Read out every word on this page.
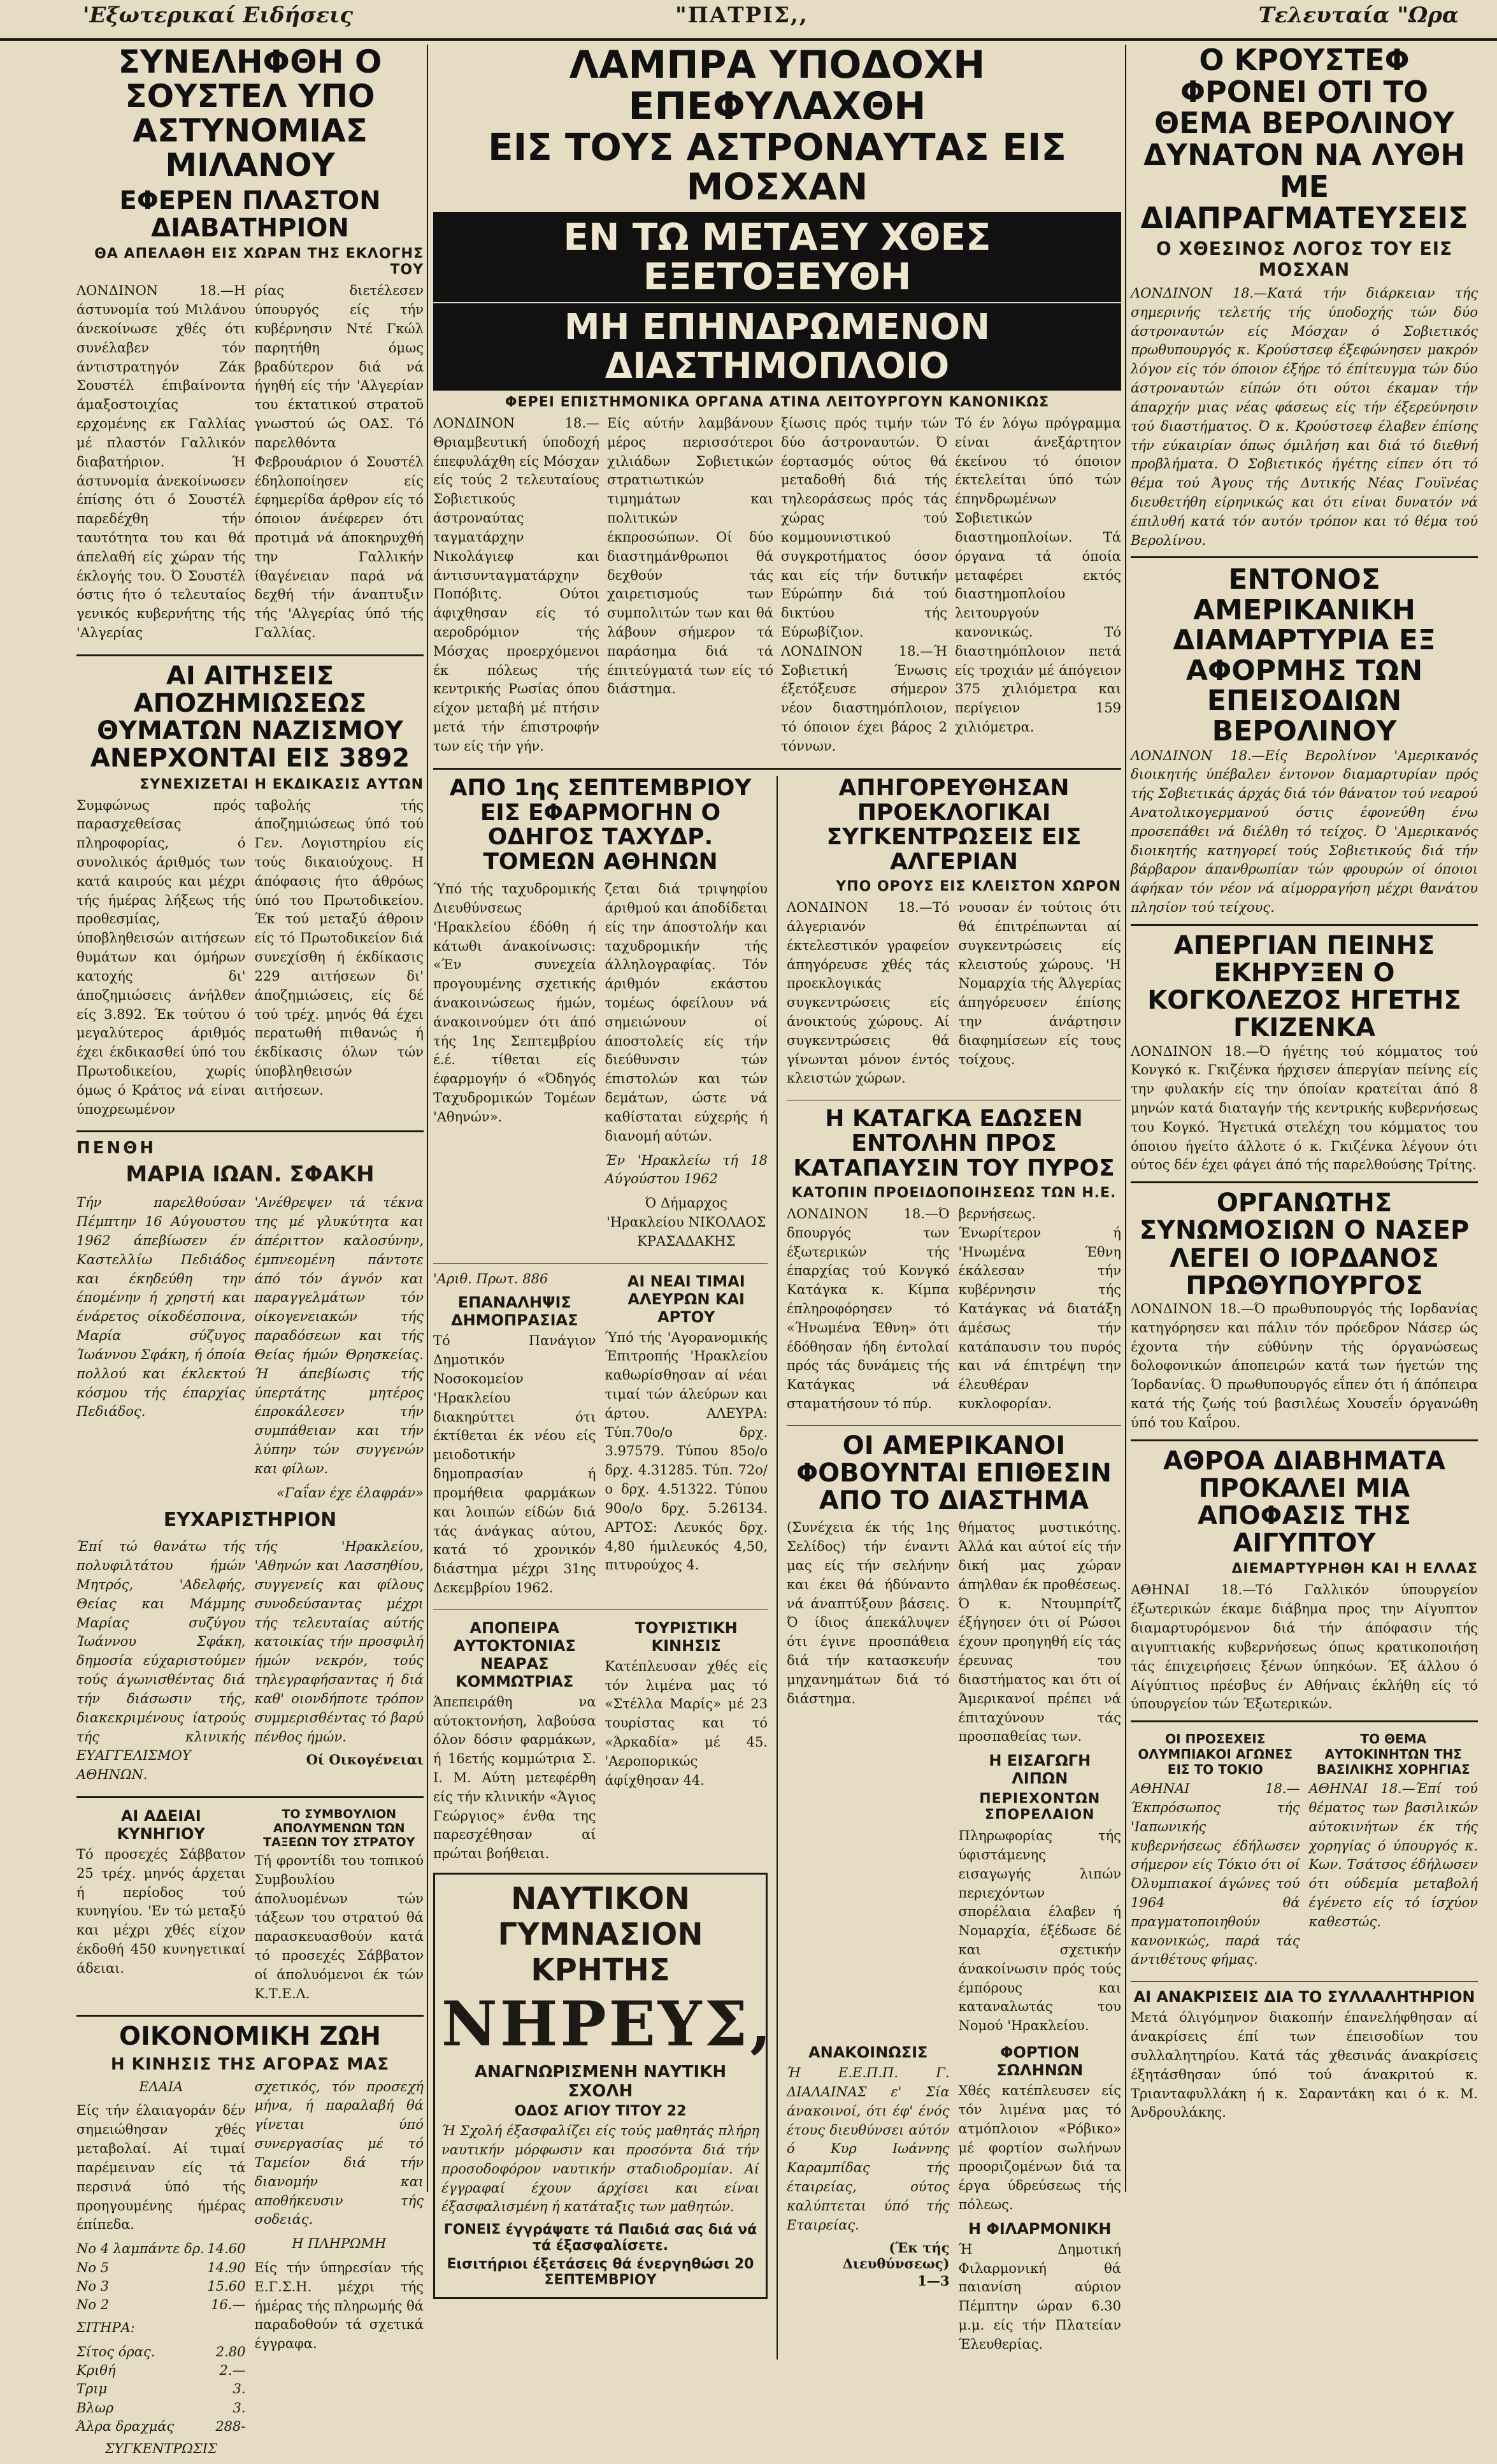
'Εξωτερικαί Ειδήσεις	"ΠΑΤΡΙΣ,,	Τελευταία "Ωρα
ΣΥΝΕΛΗΦΘΗ Ο ΣΟΥΣΤΕΛ ΥΠΟ ΑΣΤΥΝΟΜΙΑΣ ΜΙΛΑΝΟΥ
ΕΦΕΡΕΝ ΠΛΑΣΤΟΝ ΔΙΑΒΑΤΗΡΙΟΝ

ΘΑ ΑΠΕΛΑΘΗ ΕΙΣ ΧΩΡΑΝ ΤΗΣ ΕΚΛΟΓΗΣ ΤΟΥ

ΛΟΝΔΙΝΟΝ 18.—Η άστυνομία τού Μιλάνου άνεκοίνωσε χθές ότι συνέλαβεν τόν άντιστρατηγόν Ζάκ Σουστέλ έπιβαίνοντα άμαξοστοιχίας ερχομένης εκ Γαλλίας μέ πλαστόν Γαλλικόν διαβατήριον. Ή άστυνομία άνεκοίνωσεν έπίσης ότι ό Σουστέλ παρεδέχθη τήν ταυτότητα του και θά άπελαθή είς χώραν τής έκλογής του. Ό Σουστέλ όστις ήτο ό τελευταίος γενικός κυβερνήτης τής 'Αλγερίας

ρίας διετέλεσεν ύπουργός είς τήν κυβέρνησιν Ντέ Γκώλ παρητήθη όμως βραδύτερον διά νά ήγηθή είς τήν 'Αλγερίαν του έκτατικού στρατοῦ γνωστού ώς ΟΑΣ. Τό παρελθόντα Φεβρουάριον ό Σουστέλ έδηλοποίησεν είς έφημερίδα άρθρον είς τό όποιον άνέφερεν ότι προτιμά νά άποκηρυχθή την Γαλλικήν ίθαγένειαν παρά νά δεχθή τήν άναπτυξιν τής 'Αλγερίας ύπό τής Γαλλίας.

ΑΙ ΑΙΤΗΣΕΙΣ ΑΠΟΖΗΜΙΩΣΕΩΣ ΘΥΜΑΤΩΝ ΝΑΖΙΣΜΟΥ ΑΝΕΡΧΟΝΤΑΙ ΕΙΣ 3892

ΣΥΝΕΧΙΖΕΤΑΙ Η ΕΚΔΙΚΑΣΙΣ ΑΥΤΩΝ

Συμφώνως πρός παρασχεθείσας πληροφορίας, ό συνολικός άριθμός των κατά καιρούς και μέχρι τής ήμέρας λήξεως τής προθεσμίας, ύποβληθεισών αιτήσεων θυμάτων και όμήρων κατοχής δι' άποζημιώσεις άνήλθεν είς 3.892. Έκ τούτου ό μεγαλύτερος άριθμός έχει έκδικασθεί ύπό του Πρωτοδικείου, χωρίς όμως ό Κράτος νά είναι ύποχρεωμένον

ταβολής τής άποζημιώσεως ύπό τού Γεν. Λογιστηρίου είς τούς δικαιούχους. Η άπόφασις ήτο άθρόως ύπό του Πρωτοδικείου. Έκ τού μεταξύ άθροιν είς τό Πρωτοδικείον διά συνεχίσθη ή έκδίκασις 229 αιτήσεων δι' άποζημιώσεις, είς δέ τού τρέχ. μηνός θά έχει περατωθή πιθανώς ή έκδίκασις όλων τών ύποβληθεισών αιτήσεων.

ΠΕΝΘΗ

ΜΑΡΙΑ ΙΩΑΝ. ΣΦΑΚΗ

Τήν παρελθούσαν Πέμπτην 16 Αύγουστου 1962 άπεβίωσεν έν Καστελλίω Πεδιάδος και έκηδεύθη την έπομένην ή χρηστή και ένάρετος οίκοδέσποινα, Μαρία σύζυγος Ίωάννου Σφάκη, ή όποία πολλού και έκλεκτού κόσμου τής έπαρχίας Πεδιάδος.

'Ανέθρεψεν τά τέκνα της μέ γλυκύτητα και άπέριττον καλοσύνην, έμπνεομένη πάντοτε άπό τόν άγνόν και παραγγελμάτων τόν οίκογενειακών τής παραδόσεων και τής Θείας ήμών Θρησκείας. Ή άπεβίωσις τής ύπερτάτης μητέρος έπροκάλεσεν τήν συμπάθειαν και τήν λύπην τών συγγενών και φίλων.

«Γαΐαν έχε έλαφράν»

ΕΥΧΑΡΙΣΤΗΡΙΟΝ

Έπί τώ θανάτω τής πολυφιλτάτου ήμών Μητρός, 'Αδελφής, Θείας και Μάμμης Μαρίας συζύγου Ίωάννου Σφάκη, δημοσία εύχαριστούμεν τούς άγωνισθέντας διά τήν διάσωσιν τής, διακεκριμένους ίατρούς τής κλινικής ΕΥΑΓΓΕΛΙΣΜΟΥ ΑΘΗΝΩΝ.

τής 'Ηρακλείου, 'Αθηνών και Λασσηθίου, συγγενείς και φίλους συνοδεύσαντας μέχρι τής τελευταίας αύτής κατοικίας τήν προσφιλή ήμών νεκρόν, τούς τηλεγραφήσαντας ή διά καθ' οιονδήποτε τρόπον συμμερισθέντας τό βαρύ πένθος ήμών.

Οί Οικογένειαι

ΑΙ ΑΔΕΙΑΙ ΚΥΝΗΓΙΟΥ

Τό προσεχές Σάββατον 25 τρέχ. μηνός άρχεται ή περίοδος τού κυνηγίου. 'Εν τώ μεταξύ και μέχρι χθές είχον έκδοθή 450 κυνηγετικαί άδειαι.

ΤΟ ΣΥΜΒΟΥΛΙΟΝ ΑΠΟΛΥΜΕΝΩΝ ΤΩΝ ΤΑΞΕΩΝ ΤΟΥ ΣΤΡΑΤΟΥ

Τή φροντίδι του τοπικού Συμβουλίου άπολυομένων τών τάξεων του στρατού θά παρασκευασθούν κατά τό προσεχές Σάββατον οί άπολυόμενοι έκ τών Κ.Τ.Ε.Λ.

ΟΙΚΟΝΟΜΙΚΗ ΖΩΗ

Η ΚΙΝΗΣΙΣ ΤΗΣ ΑΓΟΡΑΣ ΜΑΣ

ΕΛΑΙΑ

Είς τήν έλαιαγοράν δέν σημειώθησαν χθές μεταβολαί. Αί τιμαί παρέμειναν είς τά περσινά ύπό τής προηγουμένης ήμέρας έπίπεδα.

Νο 4 λαμπάντε δρ. 14.60
Νο 5	14.90
Νο 3	15.60
Νο 2	16.—

ΣΙΤΗΡΑ:

Σίτος όρας.	2.80
Κριθή	2.—
Τριμ	3.
Βλωρ	3.
Άλρα δραχμάς	288-

ΣΥΓΚΕΝΤΡΩΣΙΣ

σχετικός, τόν προσεχή μήνα, ή παραλαβή θά γίνεται ύπό συνεργασίας μέ τό Ταμείον διά τήν διανομήν και αποθήκευσιν τής σοδειάς.

Η ΠΛΗΡΩΜΗ

Είς τήν ύπηρεσίαν τής Ε.Γ.Σ.Η. μέχρι τής ήμέρας τής πληρωμής θά παραδοθούν τά σχετικά έγγραφα.

ΛΑΜΠΡΑ ΥΠΟΔΟΧΗ ΕΠΕΦΥΛΑΧΘΗ
ΕΙΣ ΤΟΥΣ ΑΣΤΡΟΝΑΥΤΑΣ ΕΙΣ ΜΟΣΧΑΝ
ΕΝ ΤΩ ΜΕΤΑΞΥ ΧΘΕΣ ΕΞΕΤΟΞΕΥΘΗ
ΜΗ ΕΠΗΝΔΡΩΜΕΝΟΝ ΔΙΑΣΤΗΜΟΠΛΟΙΟ

ΦΕΡΕΙ ΕΠΙΣΤΗΜΟΝΙΚΑ ΟΡΓΑΝΑ ΑΤΙΝΑ ΛΕΙΤΟΥΡΓΟΥΝ ΚΑΝΟΝΙΚΩΣ

ΛΟΝΔΙΝΟΝ 18.—Θριαμβευτική ύποδοχή έπεφυλάχθη είς Μόσχαν είς τούς 2 τελευταίους Σοβιετικούς άστροναύτας ταγματάρχην Νικολάγιεφ και άντισυνταγματάρχην Ποπόβιτς. Ούτοι άφιχθησαν είς τό αεροδρόμιον τής Μόσχας προερχόμενοι έκ πόλεως τής κεντρικής Ρωσίας όπου είχον μεταβή μέ πτήσιν μετά τήν έπιστροφήν των είς τήν γήν.

Είς αύτήν λαμβάνουν μέρος περισσότεροι χιλιάδων Σοβιετικών στρατιωτικών τιμημάτων και πολιτικών έκπροσώπων. Οί δύο διαστημάνθρωποι θά δεχθούν τάς χαιρετισμούς των συμπολιτών των και θά λάβουν σήμερον τά παράσημα διά τά έπιτεύγματά των είς τό διάστημα.

ξίωσις πρός τιμήν τών δύο άστροναυτών. Ό έορτασμός ούτος θά μεταδοθή διά τής τηλεοράσεως πρός τάς χώρας τού κομμουνιστικού συγκροτήματος όσον και είς τήν δυτικήν Εύρώπην διά τού δικτύου τής Εύρωβίζιον. ΛΟΝΔΙΝΟΝ 18.—Ή Σοβιετική Ένωσις έξετόξευσε σήμερον νέον διαστημόπλοιον, τό όποιον έχει βάρος 2 τόννων.

Τό έν λόγω πρόγραμμα είναι άνεξάρτητον έκείνου τό όποιον έκτελείται ύπό τών έπηνδρωμένων Σοβιετικών διαστημοπλοίων. Τά όργανα τά όποία μεταφέρει εκτός διαστημοπλοίου λειτουργούν κανονικώς. Τό διαστημόπλοιον πετά είς τροχιάν μέ άπόγειον 375 χιλιόμετρα και περίγειον 159 χιλιόμετρα.

ΑΠΟ 1ης ΣΕΠΤΕΜΒΡΙΟΥ ΕΙΣ ΕΦΑΡΜΟΓΗΝ Ο ΟΔΗΓΟΣ ΤΑΧΥΔΡ. ΤΟΜΕΩΝ ΑΘΗΝΩΝ

Ύπό τής ταχυδρομικής Διευθύνσεως 'Ηρακλείου έδόθη ή κάτωθι άνακοίνωσις: «Έν συνεχεία προγουμένης σχετικής άνακοινώσεως ήμών, άνακοινούμεν ότι άπό τής 1ης Σεπτεμβρίου έ.έ. τίθεται είς έφαρμογήν ό «Όδηγός Ταχυδρομικών Τομέων 'Αθηνών».

ζεται διά τριψηφίου άριθμού και άποδίδεται είς την άποστολήν και ταχυδρομικήν τής άλληλογραφίας. Τόν άριθμόν εκάστου τομέως όφείλουν νά σημειώνουν οί άποστολείς είς τήν διεύθυνσιν τών έπιστολών και τών δεμάτων, ώστε νά καθίσταται εύχερής ή διανομή αύτών.

Έν 'Ηρακλείω τή 18 Αύγούστου 1962

Ό Δήμαρχος 'Ηρακλείου ΝΙΚΟΛΑΟΣ ΚΡΑΣΑΔΑΚΗΣ

'Αριθ. Πρωτ. 886

ΕΠΑΝΑΛΗΨΙΣ ΔΗΜΟΠΡΑΣΙΑΣ

Τό Πανάγιον Δημοτικόν Νοσοκομείον 'Ηρακλείου διακηρύττει ότι έκτίθεται έκ νέου είς μειοδοτικήν δημοπρασίαν ή προμήθεια φαρμάκων και λοιπών είδών διά τάς άνάγκας αύτου, κατά τό χρονικόν διάστημα μέχρι 31ης Δεκεμβρίου 1962.

ΑΙ ΝΕΑΙ ΤΙΜΑΙ ΑΛΕΥΡΩΝ ΚΑΙ ΑΡΤΟΥ

Ύπό τής 'Αγορανομικής Έπιτροπής 'Ηρακλείου καθωρίσθησαν αί νέαι τιμαί τών άλεύρων και άρτου. ΑΛΕΥΡΑ: Τύπ.70ο/ο δρχ. 3.97579. Τύπου 85ο/ο δρχ. 4.31285. Τύπ. 72ο/ο δρχ. 4.51322. Τύπου 90ο/ο δρχ. 5.26134. ΑΡΤΟΣ: Λευκός δρχ. 4,80 ήμιλευκός 4,50, πιτυρούχος 4.

ΑΠΟΠΕΙΡΑ ΑΥΤΟΚΤΟΝΙΑΣ ΝΕΑΡΑΣ ΚΟΜΜΩΤΡΙΑΣ

Άπεπειράθη να αύτοκτονήση, λαβούσα όλον δόσιν φαρμάκων, ή 16ετής κομμώτρια Σ. Ι. Μ. Αύτη μετεφέρθη είς τήν κλινικήν «Άγιος Γεώργιος» ένθα της παρεσχέθησαν αί πρώται βοήθειαι.

ΤΟΥΡΙΣΤΙΚΗ ΚΙΝΗΣΙΣ

Κατέπλευσαν χθές είς τόν λιμένα μας τό «Στέλλα Μαρίς» μέ 23 τουρίστας και τό «Άρκαδία» μέ 45. 'Αεροπορικώς άφίχθησαν 44.

ΝΑΥΤΙΚΟΝ ΓΥΜΝΑΣΙΟΝ ΚΡΗΤΗΣ

ΝΗΡΕΥΣ,

ΑΝΑΓΝΩΡΙΣΜΕΝΗ ΝΑΥΤΙΚΗ ΣΧΟΛΗ

ΟΔΟΣ ΑΓΙΟΥ ΤΙΤΟΥ 22

Ή Σχολή έξασφαλίζει είς τούς μαθητάς πλήρη ναυτικήν μόρφωσιν και προσόντα διά τήν προσοδοφόρον ναυτικήν σταδιοδρομίαν. Αί έγγραφαί έχουν άρχίσει και είναι έξασφαλισμένη ή κατάταξις των μαθητών.

ΓΟΝΕΙΣ έγγράψατε τά Παιδιά σας διά νά τά έξασφαλίσετε.

Εισιτήριοι έξετάσεις θά ένεργηθώσι 20 ΣΕΠΤΕΜΒΡΙΟΥ

ΑΠΗΓΟΡΕΥΘΗΣΑΝ ΠΡΟΕΚΛΟΓΙΚΑΙ ΣΥΓΚΕΝΤΡΩΣΕΙΣ ΕΙΣ ΑΛΓΕΡΙΑΝ

ΥΠΟ ΟΡΟΥΣ ΕΙΣ ΚΛΕΙΣΤΟΝ ΧΩΡΟΝ

ΛΟΝΔΙΝΟΝ 18.—Τό άλγεριανόν έκτελεστικόν γραφείον άπηγόρευσε χθές τάς προεκλογικάς συγκεντρώσεις είς άνοικτούς χώρους. Αί συγκεντρώσεις θά γίνωνται μόνον έντός κλειστών χώρων.

νουσαν έν τούτοις ότι θά έπιτρέπωνται αί συγκεντρώσεις είς κλειστούς χώρους. 'Η Νομαρχία τής Άλγερίας άπηγόρευσεν έπίσης την άνάρτησιν διαφημίσεων είς τους τοίχους.

Η ΚΑΤΑΓΚΑ ΕΔΩΣΕΝ ΕΝΤΟΛΗΝ ΠΡΟΣ ΚΑΤΑΠΑΥΣΙΝ ΤΟΥ ΠΥΡΟΣ

ΚΑΤΟΠΙΝ ΠΡΟΕΙΔΟΠΟΙΗΣΕΩΣ ΤΩΝ Η.Ε.

ΛΟΝΔΙΝΟΝ 18.—Ό δπουργός των έξωτερικών τής έπαρχίας τού Κονγκό Κατάγκα κ. Κίμπα έπληροφόρησεν τό «Ήνωμένα Έθνη» ότι έδόθησαν ήδη έντολαί πρός τάς δυνάμεις τής Κατάγκας νά σταματήσουν τό πύρ.

βερνήσεως. Ένωρίτερον ή 'Ηνωμένα Έθνη έκάλεσαν τήν κυβέρνησιν τής Κατάγκας νά διατάξη άμέσως τήν κατάπαυσιν του πυρός και νά έπιτρέψη την έλευθέραν κυκλοφορίαν.

ΟΙ ΑΜΕΡΙΚΑΝΟΙ ΦΟΒΟΥΝΤΑΙ ΕΠΙΘΕΣΙΝ ΑΠΟ ΤΟ ΔΙΑΣΤΗΜΑ

(Συνέχεια έκ τής 1ης Σελίδος) τήν έναντι μας είς τήν σελήνην και έκει θά ήδύναντο νά άναπτύξουν βάσεις. Ό ίδιος άπεκάλυψεν ότι έγινε προσπάθεια διά τήν κατασκευήν μηχανημάτων διά τό διάστημα.

θήματος μυστικότης. Άλλά και αύτοί είς τήν δική μας χώραν άπηλθαν έκ προθέσεως. Ό κ. Ντουμπρίτζ έξήγησεν ότι οί Ρώσοι έχουν προηγηθή είς τάς έρευνας του διαστήματος και ότι οί Άμερικανοί πρέπει νά έπιταχύνουν τάς προσπαθείας των.

Η ΕΙΣΑΓΩΓΗ ΛΙΠΩΝ

ΠΕΡΙΕΧΟΝΤΩΝ ΣΠΟΡΕΛΑΙΟΝ

Πληρωφορίας τής ύφιστάμενης εισαγωγής λιπών περιεχόντων σπορέλαια έλαβεν ή Νομαρχία, έξέδωσε δέ και σχετικήν άνακοίνωσιν πρός τούς έμπόρους και καταναλωτάς του Νομού 'Ηρακλείου.

ΑΝΑΚΟΙΝΩΣΙΣ

Ή Ε.Ε.Π.Π. Γ. ΔΙΑΛΑΙΝΑΣ ε' Σία άνακοινοί, ότι έφ' ένός έτους διευθύνσει αύτόν ό Κυρ Ιωάννης Καραμπίδας τής έταιρείας, ούτος καλύπτεται ύπό τής Εταιρείας.

(Έκ τής Διευθύνσεως)

1—3

ΦΟΡΤΙΟΝ ΣΩΛΗΝΩΝ

Χθές κατέπλευσεν είς τόν λιμένα μας τό ατμόπλοιον «Ρόβικο» μέ φορτίον σωλήνων προοριζομένων διά τα έργα ύδρεύσεως τής πόλεως.

Η ΦΙΛΑΡΜΟΝΙΚΗ

Ή Δημοτική Φιλαρμονική θά παιανίση αύριον Πέμπτην ώραν 6.30 μ.μ. είς τήν Πλατείαν Έλευθερίας.

Ο ΚΡΟΥΣΤΕΦ ΦΡΟΝΕΙ ΟΤΙ ΤΟ ΘΕΜΑ ΒΕΡΟΛΙΝΟΥ ΔΥΝΑΤΟΝ ΝΑ ΛΥΘΗ ΜΕ ΔΙΑΠΡΑΓΜΑΤΕΥΣΕΙΣ

Ο ΧΘΕΣΙΝΟΣ ΛΟΓΟΣ ΤΟΥ ΕΙΣ ΜΟΣΧΑΝ

ΛΟΝΔΙΝΟΝ 18.—Κατά τήν διάρκειαν τής σημερινής τελετής τής ύποδοχής τών δύο άστροναυτών είς Μόσχαν ό Σοβιετικός πρωθυπουργός κ. Κρούστσεφ έξεφώνησεν μακρόν λόγον είς τόν όποιον έξήρε τό έπίτευγμα τών δύο άστροναυτών είπών ότι ούτοι έκαμαν τήν άπαρχήν μιας νέας φάσεως είς τήν έξερεύνησιν τού διαστήματος. Ό κ. Κρούστσεφ έλαβεν έπίσης τήν εύκαιρίαν όπως όμιλήση και διά τό διεθνή προβλήματα. Ό Σοβιετικός ήγέτης είπεν ότι τό θέμα τού Άγους τής Δυτικής Νέας Γουϊνέας διευθετήθη είρηνικώς και ότι είναι δυνατόν νά έπιλυθή κατά τόν αυτόν τρόπον και τό θέμα τού Βερολίνου.

ΕΝΤΟΝΟΣ ΑΜΕΡΙΚΑΝΙΚΗ ΔΙΑΜΑΡΤΥΡΙΑ ΕΞ ΑΦΟΡΜΗΣ ΤΩΝ ΕΠΕΙΣΟΔΙΩΝ ΒΕΡΟΛΙΝΟΥ

ΛΟΝΔΙΝΟΝ 18.—Είς Βερολίνον 'Αμερικανός διοικητής ύπέβαλεν έντονον διαμαρτυρίαν πρός τής Σοβιετικάς άρχάς διά τόν θάνατον τού νεαρού Ανατολικογερμανού όστις έφονεύθη ένω προσεπάθει νά διέλθη τό τείχος. Ό 'Αμερικανός διοικητής κατηγορεί τούς Σοβιετικούς διά τήν βάρβαρον άπανθρωπίαν τών φρουρών οί όποιοι άφήκαν τόν νέον νά αίμορραγήση μέχρι θανάτου πλησίον τού τείχους.

ΑΠΕΡΓΙΑΝ ΠΕΙΝΗΣ ΕΚΗΡΥΞΕΝ Ο ΚΟΓΚΟΛΕΖΟΣ ΗΓΕΤΗΣ ΓΚΙΖΕΝΚΑ

ΛΟΝΔΙΝΟΝ 18.—Ό ήγέτης τού κόμματος τού Κονγκό κ. Γκιζένκα ήρχισεν άπεργίαν πείνης είς την φυλακήν είς την όποίαν κρατείται άπό 8 μηνών κατά διαταγήν τής κεντρικής κυβερνήσεως του Κογκό. Ήγετικά στελέχη του κόμματος του όποιου ήγείτο άλλοτε ό κ. Γκιζένκα λέγουν ότι ούτος δέν έχει φάγει άπό τής παρελθούσης Τρίτης.

ΟΡΓΑΝΩΤΗΣ ΣΥΝΩΜΟΣΙΩΝ Ο ΝΑΣΕΡ ΛΕΓΕΙ Ο ΙΟΡΔΑΝΟΣ ΠΡΩΘΥΠΟΥΡΓΟΣ

ΛΟΝΔΙΝΟΝ 18.—Ό πρωθυπουργός τής Ιορδανίας κατηγόρησεν και πάλιν τόν πρόεδρον Νάσερ ώς έχοντα τήν εύθύνην τής όργανώσεως δολοφονικών άποπειρών κατά των ήγετών της Ίορδανίας. Ό πρωθυπουργός εΐπεν ότι ή άπόπειρα κατά τής ζωής τού βασιλέως Χουσεΐν όργανώθη ύπό του Καΐρου.

ΑΘΡΟΑ ΔΙΑΒΗΜΑΤΑ ΠΡΟΚΑΛΕΙ ΜΙΑ ΑΠΟΦΑΣΙΣ ΤΗΣ ΑΙΓΥΠΤΟΥ

ΔΙΕΜΑΡΤΥΡΗΘΗ ΚΑΙ Η ΕΛΛΑΣ

ΑΘΗΝΑΙ 18.—Τό Γαλλικόν ύπουργείον έξωτερικών έκαμε διάβημα προς την Αίγυπτον διαμαρτυρόμενον διά τήν άπόφασιν τής αιγυπτιακής κυβερνήσεως όπως κρατικοποιήση τάς έπιχειρήσεις ξένων ύπηκόων. Έξ άλλου ό Αίγύπτιος πρέσβυς έν Αθήναις έκλήθη είς τό ύπουργείον τών Έξωτερικών.

ΟΙ ΠΡΟΣΕΧΕΙΣ ΟΛΥΜΠΙΑΚΟΙ ΑΓΩΝΕΣ ΕΙΣ ΤΟ ΤΟΚΙΟ

ΑΘΗΝΑΙ 18.—Έκπρόσωπος τής 'Ιαπωνικής κυβερνήσεως έδήλωσεν σήμερον είς Τόκιο ότι οί Όλυμπιακοί άγώνες τού 1964 θά πραγματοποιηθούν κανονικώς, παρά τάς άντιθέτους φήμας.

ΤΟ ΘΕΜΑ ΑΥΤΟΚΙΝΗΤΩΝ ΤΗΣ ΒΑΣΙΛΙΚΗΣ ΧΟΡΗΓΙΑΣ

ΑΘΗΝΑΙ 18.—Έπί τού θέματος των βασιλικών αύτοκινήτων έκ τής χορηγίας ό ύπουργός κ. Κων. Τσάτσος έδήλωσεν ότι ούδεμία μεταβολή έγένετο είς τό ίσχύον καθεστώς.

ΑΙ ΑΝΑΚΡΙΣΕΙΣ ΔΙΑ ΤΟ ΣΥΛΛΑΛΗΤΗΡΙΟΝ

Μετά όλιγόμηνον διακοπήν έπανελήφθησαν αί άνακρίσεις έπί των έπεισοδίων του συλλαλητηρίου. Κατά τάς χθεσινάς άνακρίσεις έξητάσθησαν ύπό τού άνακριτού κ. Τριανταφυλλάκη ή κ. Σαραντάκη και ό κ. Μ. Άνδρουλάκης.
